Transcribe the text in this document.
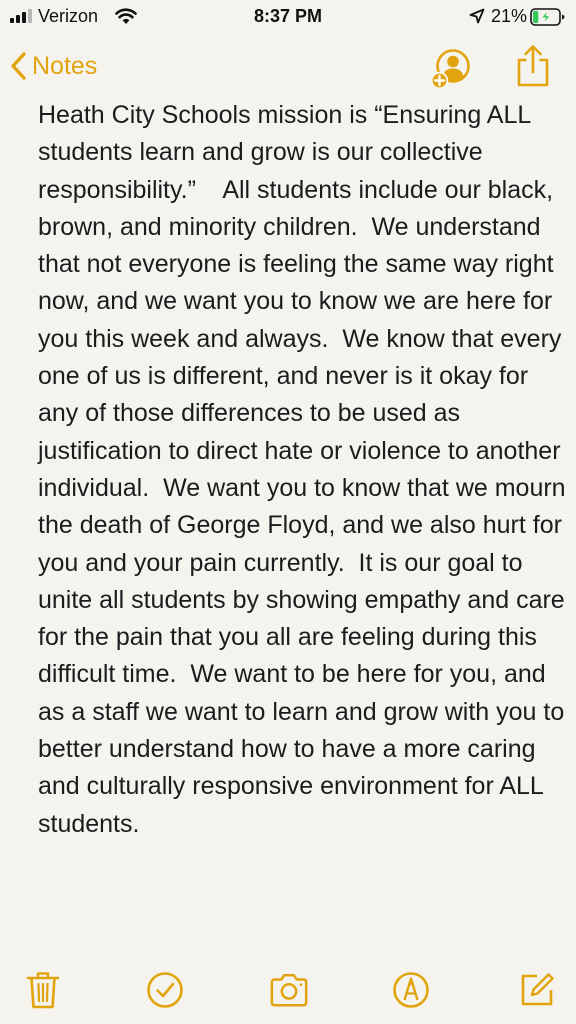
Verizon	8:37 PM	21%
Notes
Heath City Schools mission is “Ensuring ALL students learn and grow is our collective responsibility.”    All students include our black, brown, and minority children.  We understand that not everyone is feeling the same way right now, and we want you to know we are here for you this week and always.  We know that every one of us is different, and never is it okay for any of those differences to be used as justification to direct hate or violence to another individual.  We want you to know that we mourn the death of George Floyd, and we also hurt for you and your pain currently.  It is our goal to unite all students by showing empathy and care for the pain that you all are feeling during this difficult time.  We want to be here for you, and as a staff we want to learn and grow with you to better understand how to have a more caring and culturally responsive environment for ALL students.
